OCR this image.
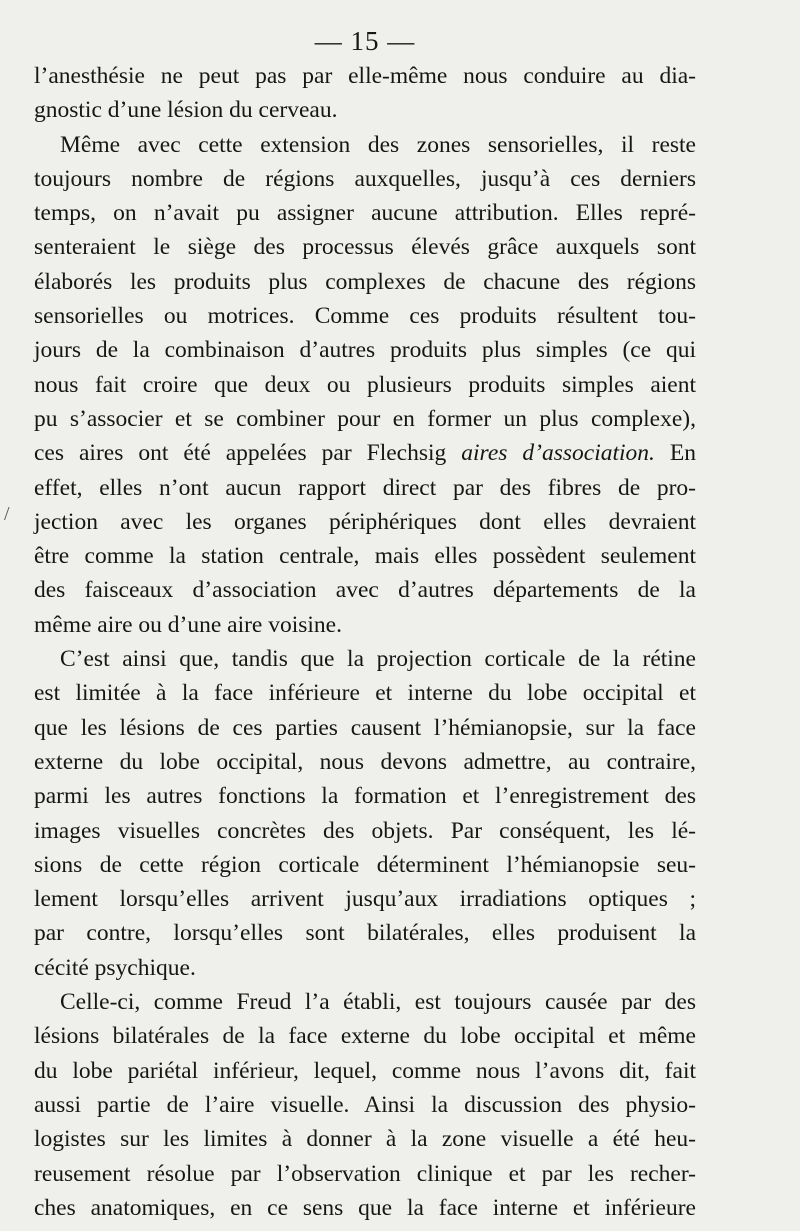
— 15 —
/
l’anesthésie ne peut pas par elle-même nous conduire au dia-
gnostic d’une lésion du cerveau.
Même avec cette extension des zones sensorielles, il reste
toujours nombre de régions auxquelles, jusqu’à ces derniers
temps, on n’avait pu assigner aucune attribution. Elles repré-
senteraient le siège des processus élevés grâce auxquels sont
élaborés les produits plus complexes de chacune des régions
sensorielles ou motrices. Comme ces produits résultent tou-
jours de la combinaison d’autres produits plus simples (ce qui
nous fait croire que deux ou plusieurs produits simples aient
pu s’associer et se combiner pour en former un plus complexe),
ces aires ont été appelées par Flechsig aires d’association. En
effet, elles n’ont aucun rapport direct par des fibres de pro-
jection avec les organes périphériques dont elles devraient
être comme la station centrale, mais elles possèdent seulement
des faisceaux d’association avec d’autres départements de la
même aire ou d’une aire voisine.
C’est ainsi que, tandis que la projection corticale de la rétine
est limitée à la face inférieure et interne du lobe occipital et
que les lésions de ces parties causent l’hémianopsie, sur la face
externe du lobe occipital, nous devons admettre, au contraire,
parmi les autres fonctions la formation et l’enregistrement des
images visuelles concrètes des objets. Par conséquent, les lé-
sions de cette région corticale déterminent l’hémianopsie seu-
lement lorsqu’elles arrivent jusqu’aux irradiations optiques ;
par contre, lorsqu’elles sont bilatérales, elles produisent la
cécité psychique.
Celle-ci, comme Freud l’a établi, est toujours causée par des
lésions bilatérales de la face externe du lobe occipital et même
du lobe pariétal inférieur, lequel, comme nous l’avons dit, fait
aussi partie de l’aire visuelle. Ainsi la discussion des physio-
logistes sur les limites à donner à la zone visuelle a été heu-
reusement résolue par l’observation clinique et par les recher-
ches anatomiques, en ce sens que la face interne et inférieure
